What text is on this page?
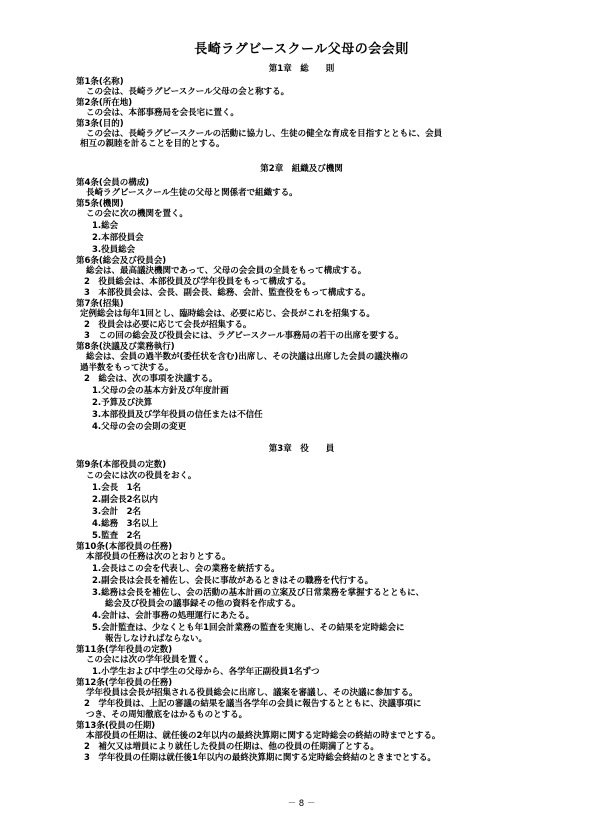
長崎ラグビースクール父母の会会則
第1章　総　　則
第1条(名称)
この会は、長崎ラグビースクール父母の会と称する。
第2条(所在地)
この会は、本部事務局を会長宅に置く。
第3条(目的)
この会は、長崎ラグビースクールの活動に協力し、生徒の健全な育成を目指すとともに、会員
相互の親睦を計ることを目的とする。
第2章　組織及び機関
第4条(会員の構成)
長崎ラグビースクール生徒の父母と関係者で組織する。
第5条(機関)
この会に次の機関を置く。
1.総会
2.本部役員会
3.役員総会
第6条(総会及び役員会)
総会は、最高議決機関であって、父母の会会員の全員をもって構成する。
2　役員総会は、本部役員及び学年役員をもって構成する。
3　本部役員会は、会長、副会長、総務、会計、監査役をもって構成する。
第7条(招集)
定例総会は毎年1回とし、臨時総会は、必要に応じ、会長がこれを招集する。
2　役員会は必要に応じて会長が招集する。
3　この回の総会及び役員会には、ラグビースクール事務局の若干の出席を要する。
第8条(決議及び業務執行)
総会は、会員の過半数が(委任状を含む)出席し、その決議は出席した会員の議決権の
過半数をもって決する。
2　総会は、次の事項を決議する。
1.父母の会の基本方針及び年度計画
2.予算及び決算
3.本部役員及び学年役員の信任または不信任
4.父母の会の会則の変更
第3章　役　　員
第9条(本部役員の定数)
この会には次の役員をおく。
1.会長　1名
2.副会長2名以内
3.会計　2名
4.総務　3名以上
5.監査　2名
第10条(本部役員の任務)
本部役員の任務は次のとおりとする。
1.会長はこの会を代表し、会の業務を統括する。
2.副会長は会長を補佐し、会長に事故があるときはその職務を代行する。
3.総務は会長を補佐し、会の活動の基本計画の立案及び日常業務を掌握するとともに、
総会及び役員会の議事録その他の資料を作成する。
4.会計は、会計事務の処理運行にあたる。
5.会計監査は、少なくとも年1回会計業務の監査を実施し、その結果を定時総会に
報告しなければならない。
第11条(学年役員の定数)
この会には次の学年役員を置く。
1.小学生および中学生の父母から、各学年正副役員1名ずつ
第12条(学年役員の任務)
学年役員は会長が招集される役員総会に出席し、議案を審議し、その決議に参加する。
2　学年役員は、上記の審議の結果を議当各学年の会員に報告するとともに、決議事項に
つき、その周知徹底をはかるものとする。
第13条(役員の任期)
本部役員の任期は、就任後の2年以内の最終決算期に関する定時総会の終結の時までとする。
2　補欠又は増員により就任した役員の任期は、他の役員の任期満了とする。
3　学年役員の任期は就任後1年以内の最終決算期に関する定時総会終結のときまでとする。
－ 8 －
